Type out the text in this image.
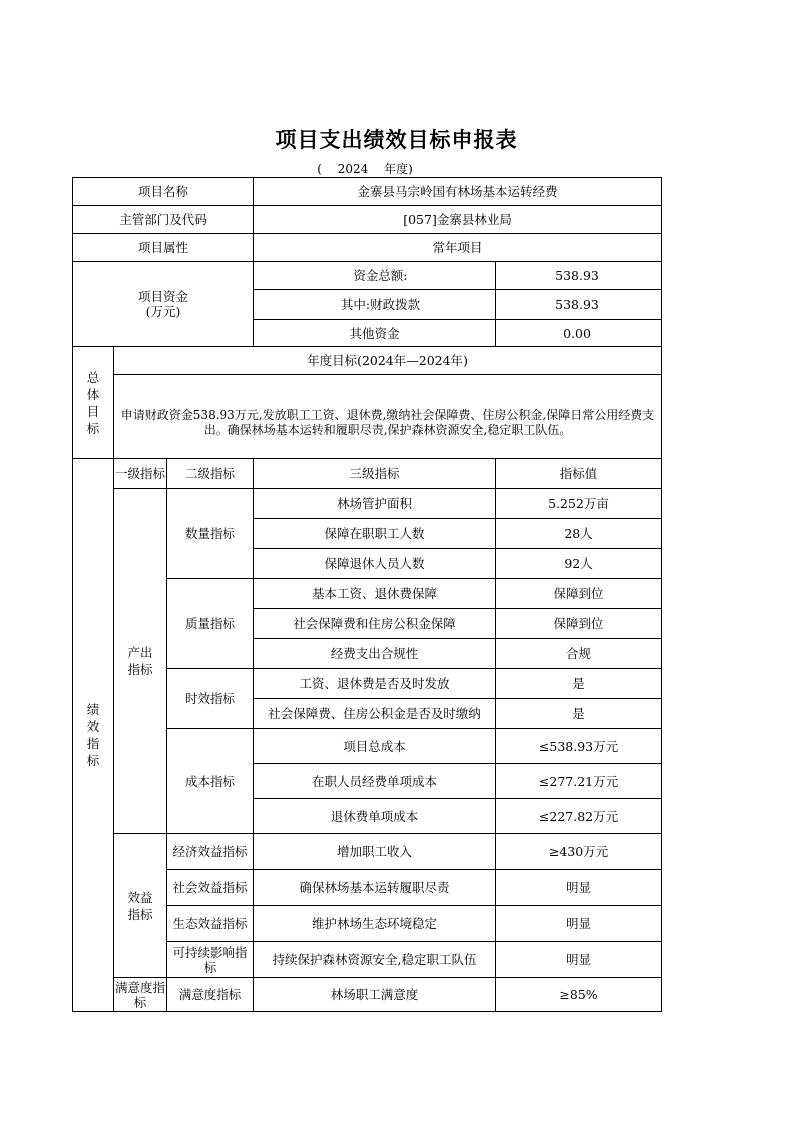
项目支出绩效目标申报表
( 2024 年度)
项目名称			金寨县马宗岭国有林场基本运转经费	
主管部门及代码			[057]金寨县林业局	
项目属性			常年项目	

项目资金
(万元)			资金总额:	538.93
			其中:财政拨款	538.93
			其他资金	0.00
总体目标	年度目标(2024年—2024年)			
	申请财政资金538.93万元,发放职工工资、退休费,缴纳社会保障费、住房公积金,保障日常公用经费支出。确保林场基本运转和履职尽责,保护森林资源安全,稳定职工队伍。			
绩效指标	一级指标	二级指标	三级指标	指标值
	产出指标	数量指标	林场管护面积	5.252万亩
			保障在职职工人数	28人
			保障退休人员人数	92人
		质量指标	基本工资、退休费保障	保障到位
			社会保障费和住房公积金保障	保障到位
			经费支出合规性	合规
		时效指标	工资、退休费是否及时发放	是
			社会保障费、住房公积金是否及时缴纳	是
		成本指标	项目总成本	≤538.93万元
			在职人员经费单项成本	≤277.21万元
			退休费单项成本	≤227.82万元
	效益指标	经济效益指标	增加职工收入	≥430万元
		社会效益指标	确保林场基本运转履职尽责	明显
		生态效益指标	维护林场生态环境稳定	明显
		可持续影响指标	持续保护森林资源安全,稳定职工队伍	明显
	满意度指标	满意度指标	林场职工满意度	≥85%
